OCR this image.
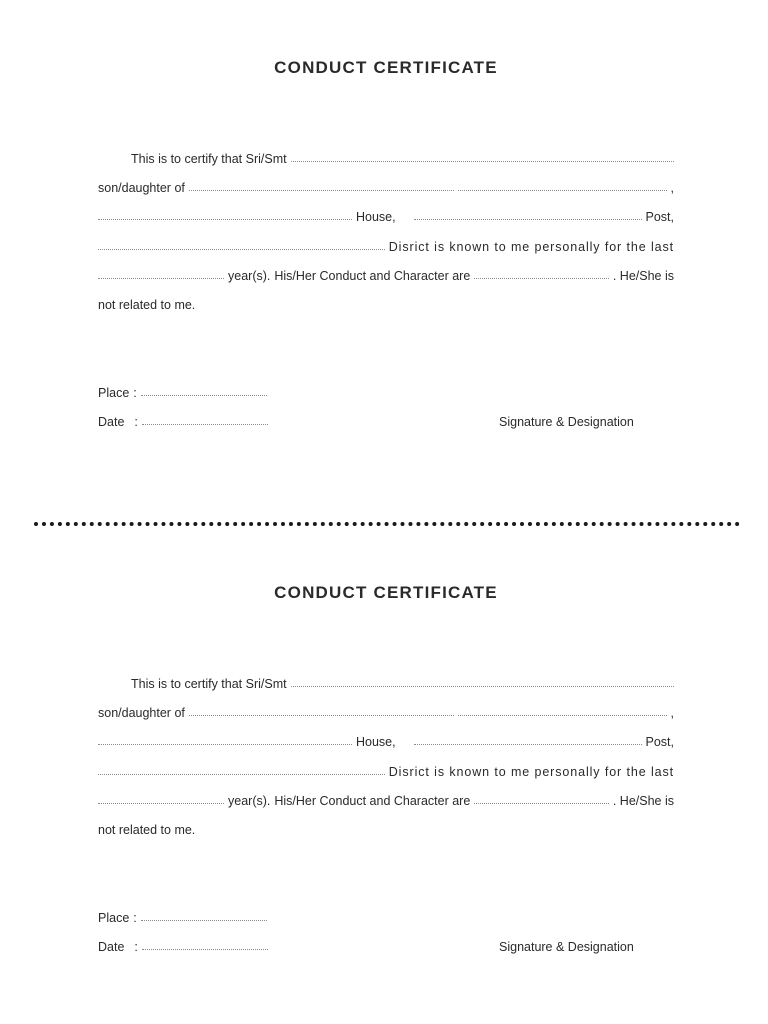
CONDUCT CERTIFICATE
This is to certify that Sri/Smt
son/daughter of	,
House,	Post,
Disrict is known to me personally for the last
year(s). His/Her Conduct and Character are	. He/She is
not related to me.
Place :
Date :	Signature & Designation
CONDUCT CERTIFICATE
This is to certify that Sri/Smt
son/daughter of	,
House,	Post,
Disrict is known to me personally for the last
year(s). His/Her Conduct and Character are	. He/She is
not related to me.
Place :
Date :	Signature & Designation
